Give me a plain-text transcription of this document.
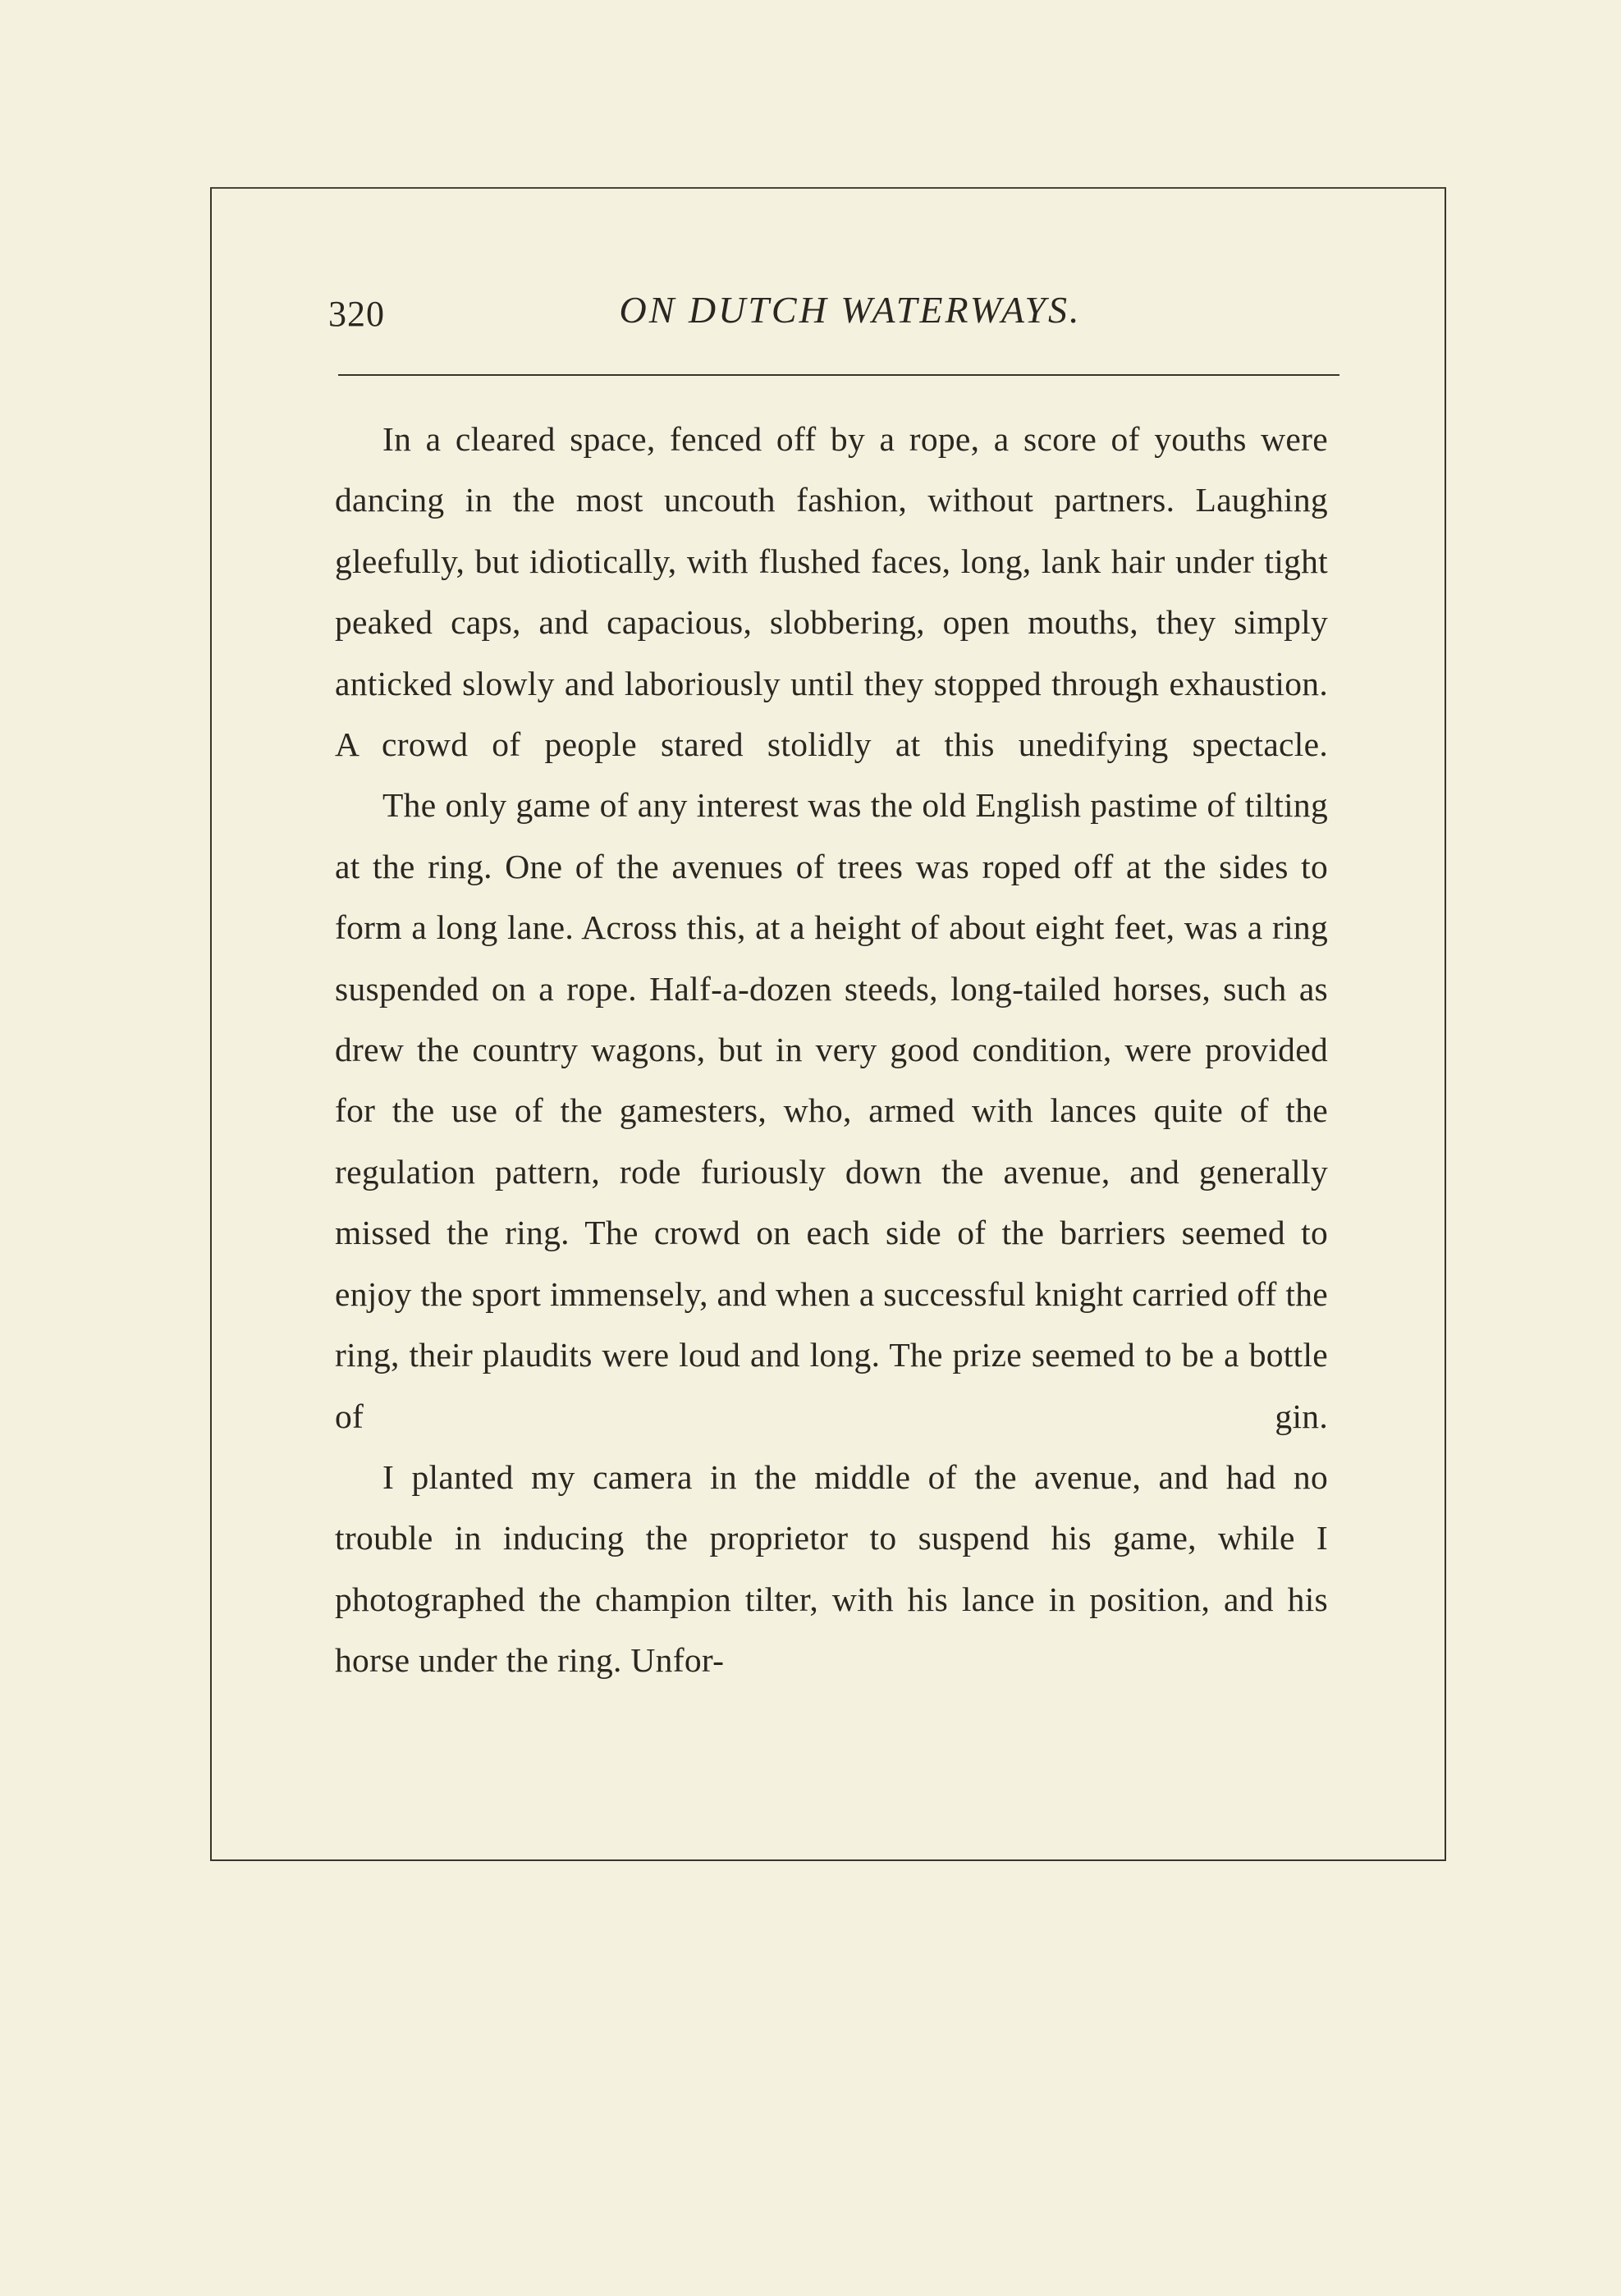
320	ON DUTCH WATERWAYS.

In a cleared space, fenced off by a rope, a score of youths were dancing in the most uncouth fashion, without partners. Laughing gleefully, but idiotically, with flushed faces, long, lank hair under tight peaked caps, and capacious, slobbering, open mouths, they simply anticked slowly and laboriously until they stopped through exhaustion. A crowd of people stared stolidly at this unedifying spectacle.

The only game of any interest was the old English pastime of tilting at the ring. One of the avenues of trees was roped off at the sides to form a long lane. Across this, at a height of about eight feet, was a ring suspended on a rope. Half-a-dozen steeds, long-tailed horses, such as drew the country wagons, but in very good condition, were provided for the use of the gamesters, who, armed with lances quite of the regulation pattern, rode furiously down the avenue, and generally missed the ring. The crowd on each side of the barriers seemed to enjoy the sport immensely, and when a successful knight carried off the ring, their plaudits were loud and long. The prize seemed to be a bottle of gin.

I planted my camera in the middle of the avenue, and had no trouble in inducing the proprietor to suspend his game, while I photographed the champion tilter, with his lance in position, and his horse under the ring. Unfor-
